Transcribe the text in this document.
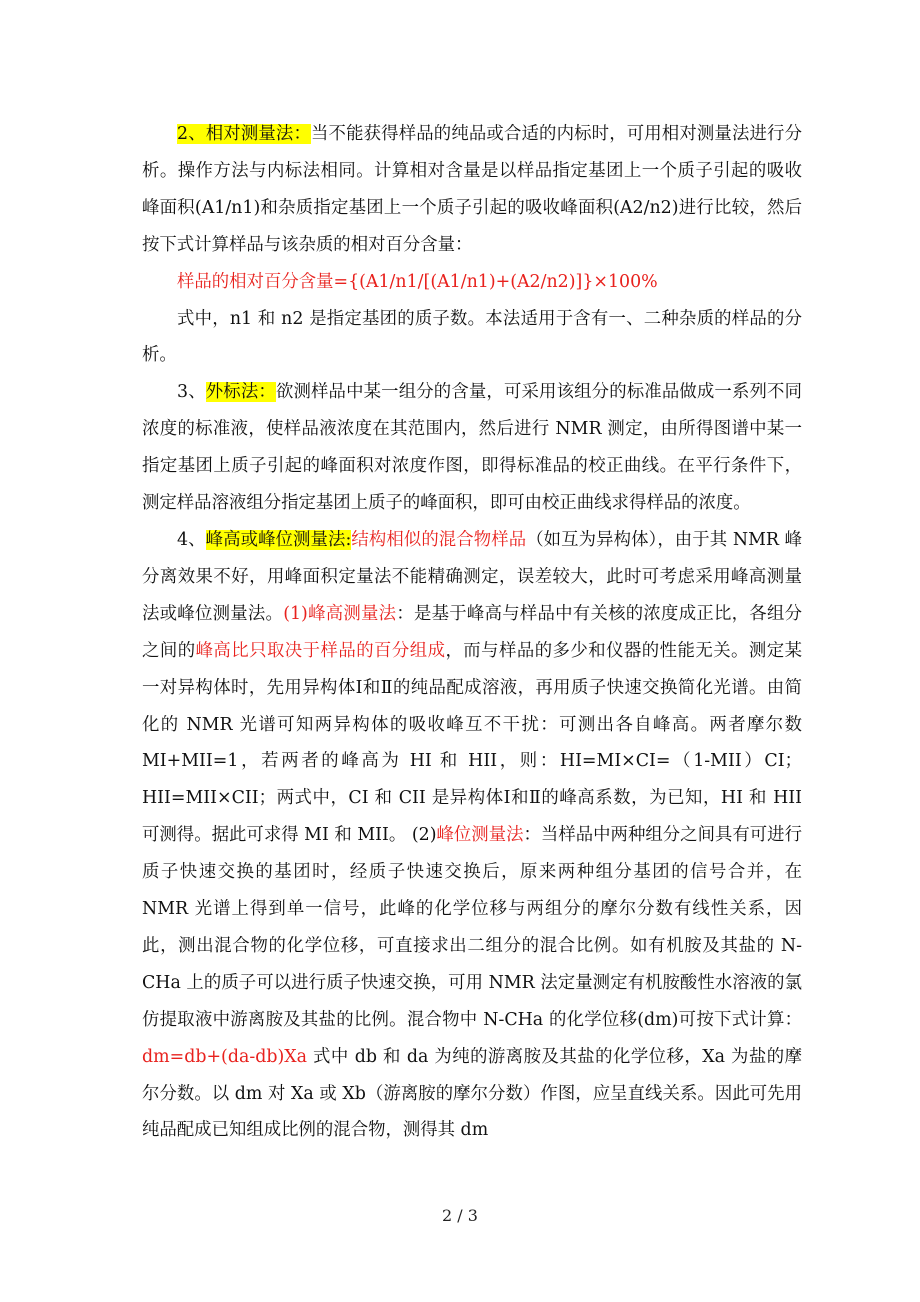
2、相对测量法：当不能获得样品的纯品或合适的内标时，可用相对测量法进行分析。操作方法与内标法相同。计算相对含量是以样品指定基团上一个质子引起的吸收峰面积(A1/n1)和杂质指定基团上一个质子引起的吸收峰面积(A2/n2)进行比较，然后按下式计算样品与该杂质的相对百分含量：

样品的相对百分含量={(A1/n1/[(A1/n1)+(A2/n2)]}×100%

式中，n1 和 n2 是指定基团的质子数。本法适用于含有一、二种杂质的样品的分析。

3、外标法：欲测样品中某一组分的含量，可采用该组分的标准品做成一系列不同浓度的标准液，使样品液浓度在其范围内，然后进行 NMR 测定，由所得图谱中某一指定基团上质子引起的峰面积对浓度作图，即得标准品的校正曲线。在平行条件下，测定样品溶液组分指定基团上质子的峰面积，即可由校正曲线求得样品的浓度。

4、峰高或峰位测量法:结构相似的混合物样品（如互为异构体），由于其 NMR 峰分离效果不好，用峰面积定量法不能精确测定，误差较大，此时可考虑采用峰高测量法或峰位测量法。(1)峰高测量法：是基于峰高与样品中有关核的浓度成正比，各组分之间的峰高比只取决于样品的百分组成，而与样品的多少和仪器的性能无关。测定某一对异构体时，先用异构体Ⅰ和Ⅱ的纯品配成溶液，再用质子快速交换简化光谱。由简化的 NMR 光谱可知两异构体的吸收峰互不干扰：可测出各自峰高。两者摩尔数 MI+MII=1，若两者的峰高为 HI 和 HII，则：HI=MI×CI=（1-MII）CI；HII=MII×CII；两式中，CI 和 CII 是异构体Ⅰ和Ⅱ的峰高系数，为已知，HI 和 HII 可测得。据此可求得 MI 和 MII。 (2)峰位测量法：当样品中两种组分之间具有可进行质子快速交换的基团时，经质子快速交换后，原来两种组分基团的信号合并，在 NMR 光谱上得到单一信号，此峰的化学位移与两组分的摩尔分数有线性关系，因此，测出混合物的化学位移，可直接求出二组分的混合比例。如有机胺及其盐的 N-CHa 上的质子可以进行质子快速交换，可用 NMR 法定量测定有机胺酸性水溶液的氯仿提取液中游离胺及其盐的比例。混合物中 N-CHa 的化学位移(dm)可按下式计算：dm=db+(da-db)Xa 式中 db 和 da 为纯的游离胺及其盐的化学位移，Xa 为盐的摩尔分数。以 dm 对 Xa 或 Xb（游离胺的摩尔分数）作图，应呈直线关系。因此可先用纯品配成已知组成比例的混合物，测得其 dm

2 / 3
